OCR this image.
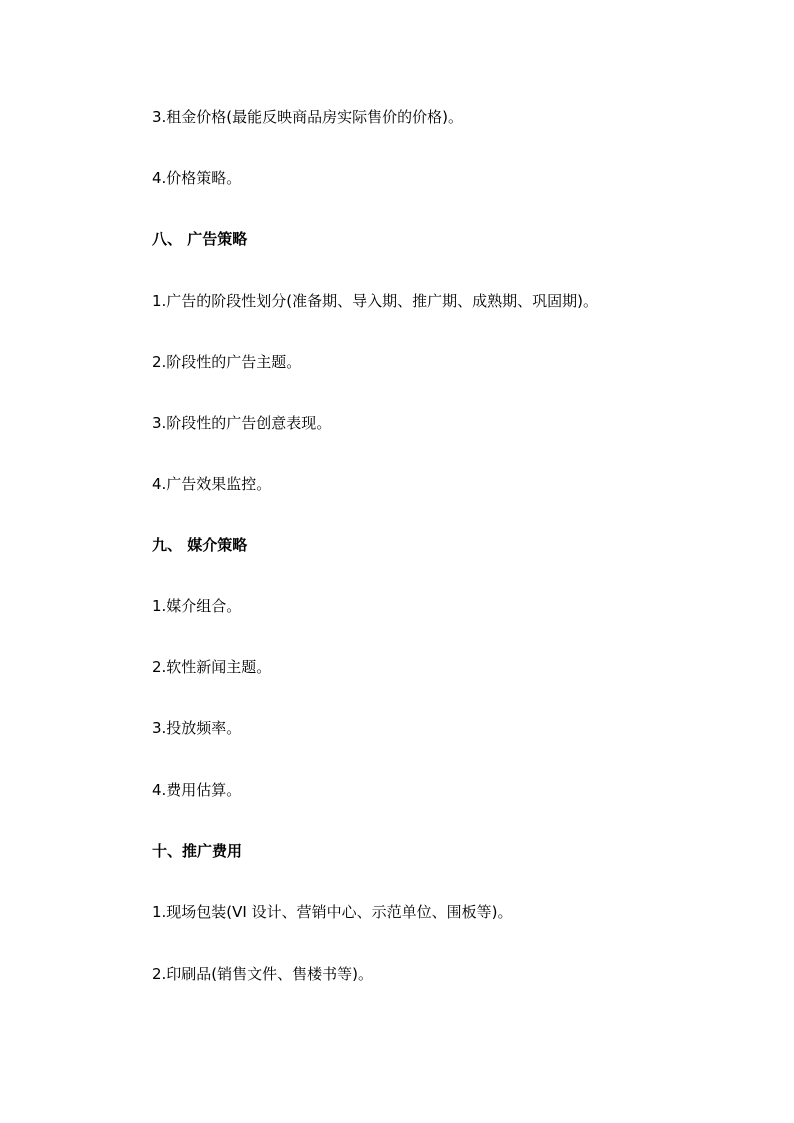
3.租金价格(最能反映商品房实际售价的价格)。
4.价格策略。
八、 广告策略
1.广告的阶段性划分(准备期、导入期、推广期、成熟期、巩固期)。
2.阶段性的广告主题。
3.阶段性的广告创意表现。
4.广告效果监控。
九、 媒介策略
1.媒介组合。
2.软性新闻主题。
3.投放频率。
4.费用估算。
十、推广费用
1.现场包装(VI 设计、营销中心、示范单位、围板等)。
2.印刷品(销售文件、售楼书等)。
